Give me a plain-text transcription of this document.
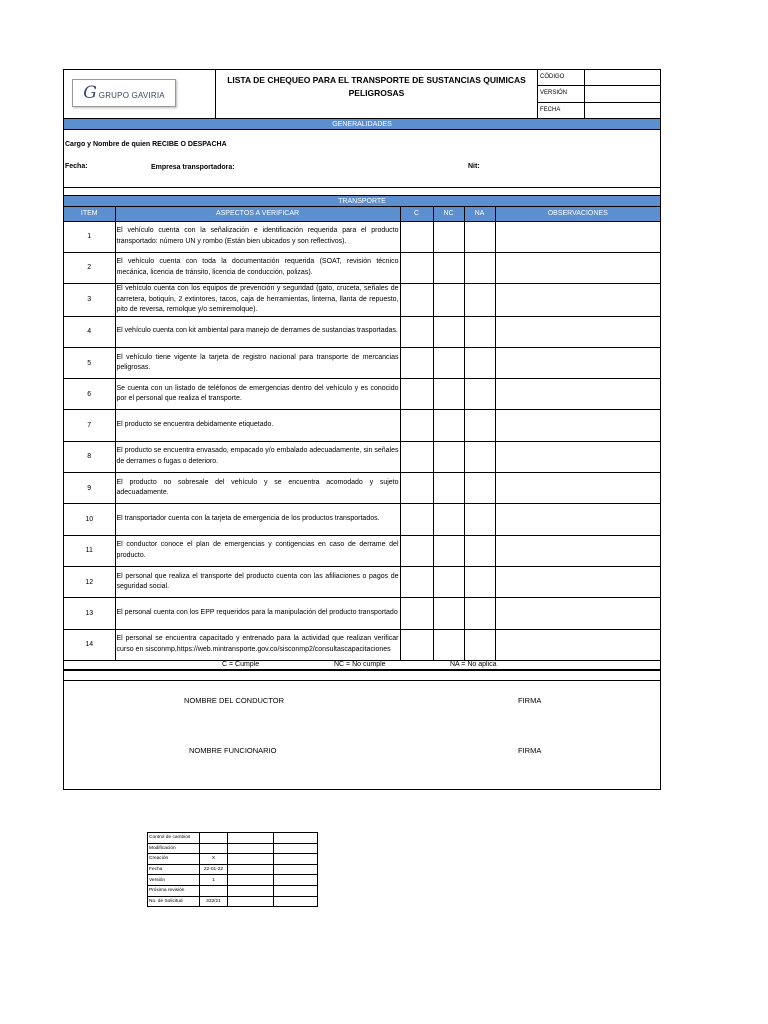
G GRUPO GAVIRIA
LISTA DE CHEQUEO PARA EL TRANSPORTE DE SUSTANCIAS QUIMICAS
PELIGROSAS
CÓDIGO
VERSIÓN
FECHA
GENERALIDADES
Cargo y Nombre de quien RECIBE O DESPACHA
Fecha:	Empresa transportadora:	Nit:
TRANSPORTE
ITEM	ASPECTOS A VERIFICAR	C	NC	NA	OBSERVACIONES
1	El vehículo cuenta con la señalización e identificación requerida para el producto transportado: número UN y rombo (Están bien ubicados y son reflectivos).				
2	El vehículo cuenta con toda la documentación requerida (SOAT, revisión técnico mecánica, licencia de tránsito, licencia de conducción, polizas).				
3	El vehículo cuenta con los equipos de prevención y seguridad (gato, cruceta, señales de carretera, botiquín, 2 extintores, tacos, caja de herramientas, linterna, llanta de repuesto, pito de reversa, remolque y/o semiremolque).				
4	El vehículo cuenta con kit ambiental para manejo de derrames de sustancias trasportadas.				
5	El vehículo tiene vigente la tarjeta de registro nacional para transporte de mercancias peligrosas.				
6	Se cuenta con un listado de teléfonos de emergencias dentro del vehículo y es conocido por el personal que realiza el transporte.				
7	El producto se encuentra debidamente etiquetado.				
8	El producto se encuentra envasado, empacado y/o embalado adecuadamente, sin señales de derrames o fugas o deterioro.				
9	El producto no sobresale del vehículo y se encuentra acomodado y sujeto adecuadamente.				
10	El transportador cuenta con la tarjeta de emergencia de los productos transportados.				
11	El conductor conoce el plan de emergencias y contigencias en caso de derrame del producto.				
12	El personal que realiza el transporte del producto cuenta con las afiliaciones o pagos de seguridad social.				
13	El personal cuenta con los EPP requeridos para la manipulación del producto transportado				
14	El personal se encuentra capacitado y entrenado para la actividad que realizan verificar curso en sisconmp,https://web.mintransporte.gov.co/sisconmp2/consultascapacitaciones				
C = Cumple	NC = No cumple	NA = No aplica
NOMBRE DEL CONDUCTOR	FIRMA
NOMBRE FUNCIONARIO	FIRMA
Control de cambios			
Modificación			
Creación	X		
Fecha	22-01-22		
Versión	1		
Próxima revisión			
No. de Solicitud	332/21		
